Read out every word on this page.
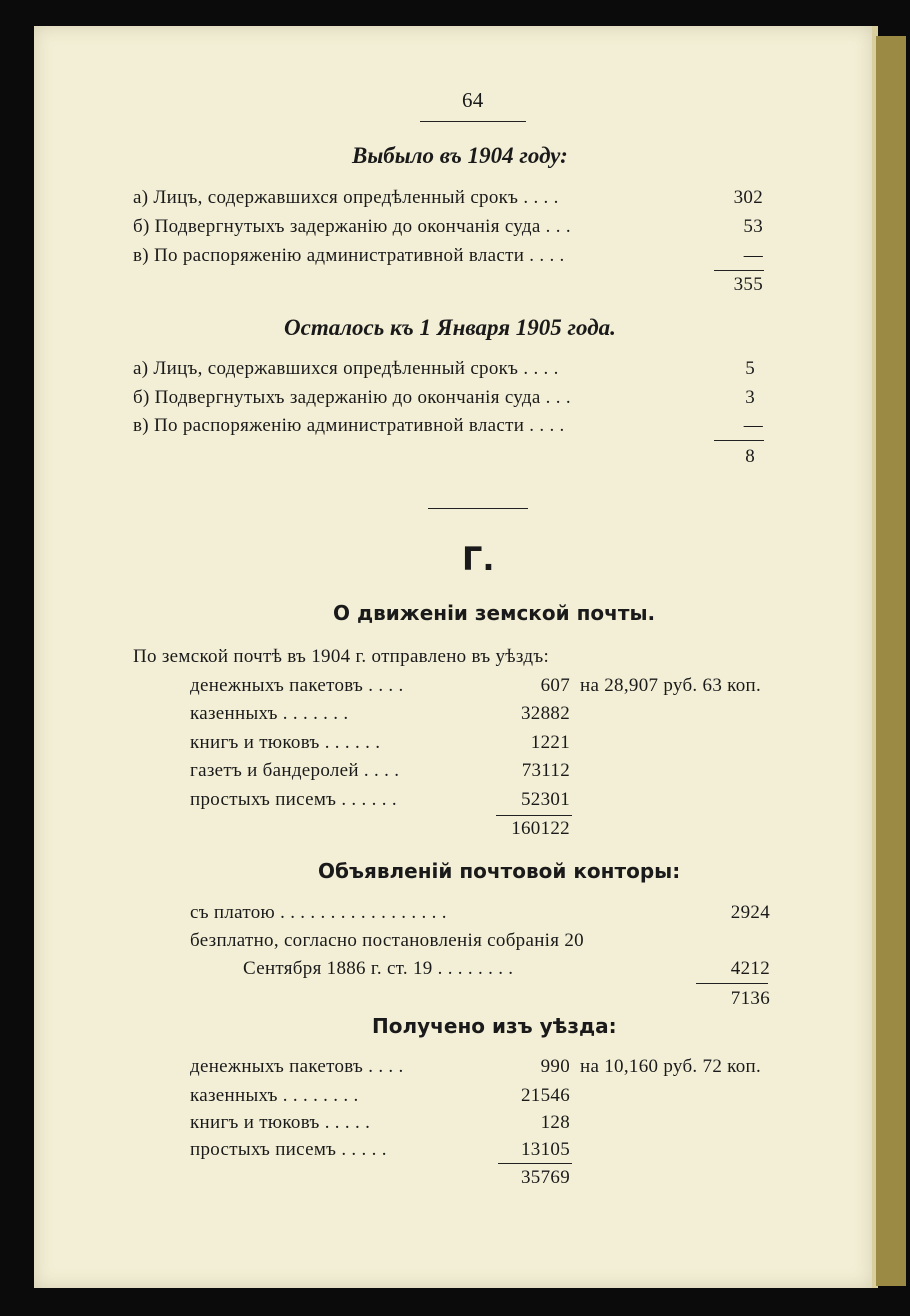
64
Выбыло въ 1904 году:
а) Лицъ, содержавшихся опредѣленный срокъ . . . .	302
б) Подвергнутыхъ задержанію до окончанія суда . . .	53
в) По распоряженію административной власти . . . .	—
355
Осталось къ 1 Января 1905 года.
а) Лицъ, содержавшихся опредѣленный срокъ . . . .	5
б) Подвергнутыхъ задержанію до окончанія суда . . .	3
в) По распоряженію административной власти . . . .	—
8
Г.
О движеніи земской почты.
По земской почтѣ въ 1904 г. отправлено въ уѣздъ:
денежныхъ пакетовъ . . . .	607 на 28,907 руб. 63 коп.
казенныхъ . . . . . . .	32882
книгъ и тюковъ . . . . . .	1221
газетъ и бандеролей . . . .	73112
простыхъ писемъ . . . . . .	52301
160122
Объявленій почтовой конторы:
съ платою . . . . . . . . . . . . . . . . .	2924
безплатно, согласно постановленія собранія 20
Сентября 1886 г. ст. 19 . . . . . . . .	4212
7136
Получено изъ уѣзда:
денежныхъ пакетовъ . . . .	990 на 10,160 руб. 72 коп.
казенныхъ . . . . . . . .	21546
книгъ и тюковъ . . . . .	128
простыхъ писемъ . . . . .	13105
35769
